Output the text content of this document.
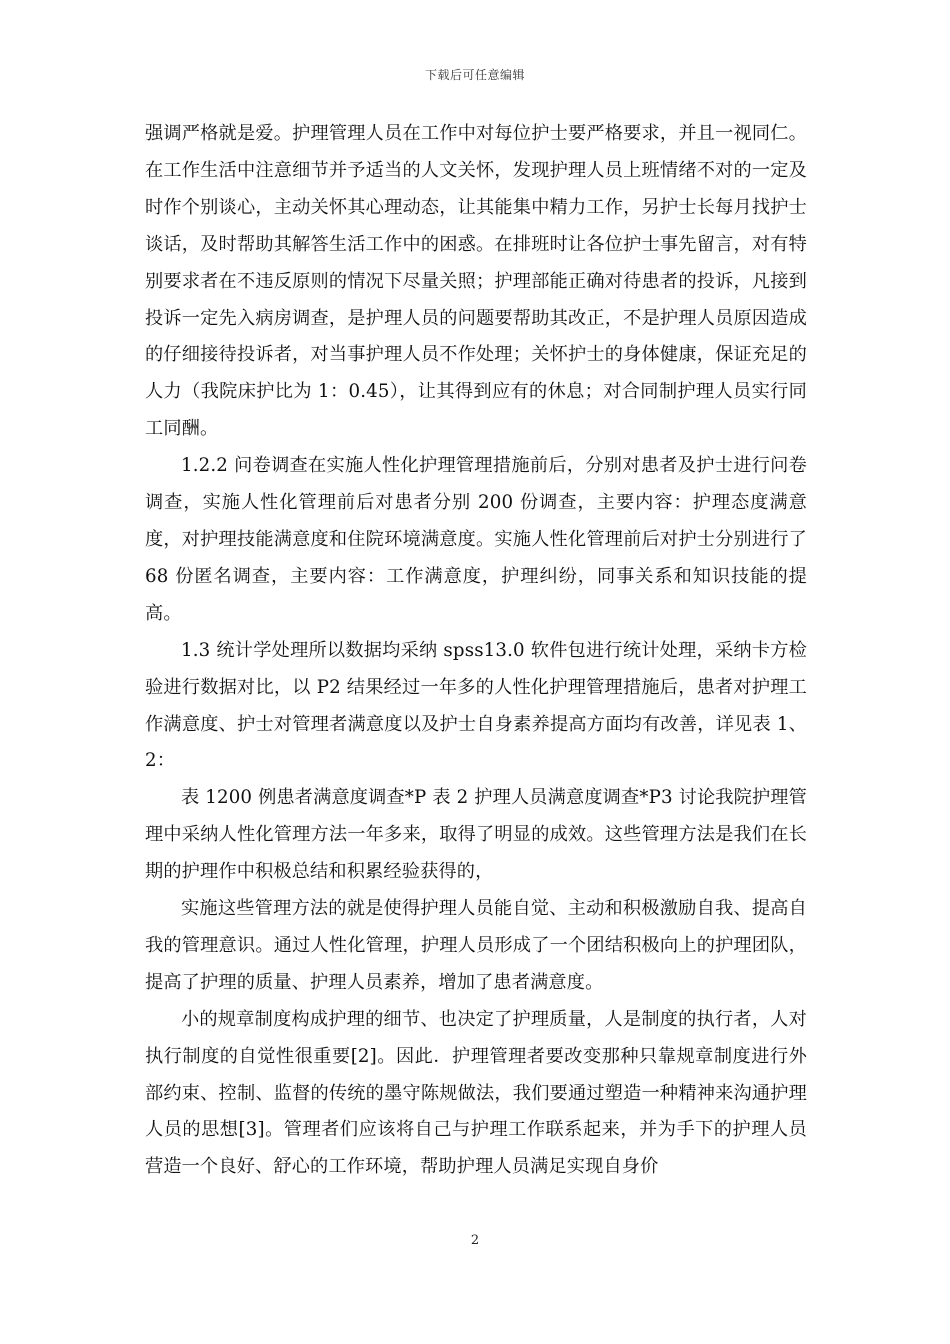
下载后可任意编辑

强调严格就是爱。护理管理人员在工作中对每位护士要严格要求，并且一视同仁。在工作生活中注意细节并予适当的人文关怀，发现护理人员上班情绪不对的一定及时作个别谈心，主动关怀其心理动态，让其能集中精力工作，另护士长每月找护士谈话，及时帮助其解答生活工作中的困惑。在排班时让各位护士事先留言，对有特别要求者在不违反原则的情况下尽量关照；护理部能正确对待患者的投诉，凡接到投诉一定先入病房调查，是护理人员的问题要帮助其改正，不是护理人员原因造成的仔细接待投诉者，对当事护理人员不作处理；关怀护士的身体健康，保证充足的人力（我院床护比为 1：0.45），让其得到应有的休息；对合同制护理人员实行同工同酬。

1.2.2 问卷调查在实施人性化护理管理措施前后，分别对患者及护士进行问卷调查，实施人性化管理前后对患者分别 200 份调查，主要内容：护理态度满意度，对护理技能满意度和住院环境满意度。实施人性化管理前后对护士分别进行了 68 份匿名调查，主要内容：工作满意度，护理纠纷，同事关系和知识技能的提高。

1.3 统计学处理所以数据均采纳 spss13.0 软件包进行统计处理，采纳卡方检验进行数据对比，以 P2 结果经过一年多的人性化护理管理措施后，患者对护理工作满意度、护士对管理者满意度以及护士自身素养提高方面均有改善，详见表 1、2：

表 1200 例患者满意度调查*P 表 2 护理人员满意度调查*P3 讨论我院护理管理中采纳人性化管理方法一年多来，取得了明显的成效。这些管理方法是我们在长期的护理作中积极总结和积累经验获得的，

实施这些管理方法的就是使得护理人员能自觉、主动和积极激励自我、提高自我的管理意识。通过人性化管理，护理人员形成了一个团结积极向上的护理团队，提高了护理的质量、护理人员素养，增加了患者满意度。

小的规章制度构成护理的细节、也决定了护理质量，人是制度的执行者，人对执行制度的自觉性很重要[2]。因此．护理管理者要改变那种只靠规章制度进行外部约束、控制、监督的传统的墨守陈规做法，我们要通过塑造一种精神来沟通护理人员的思想[3]。管理者们应该将自己与护理工作联系起来，并为手下的护理人员营造一个良好、舒心的工作环境，帮助护理人员满足实现自身价

2
